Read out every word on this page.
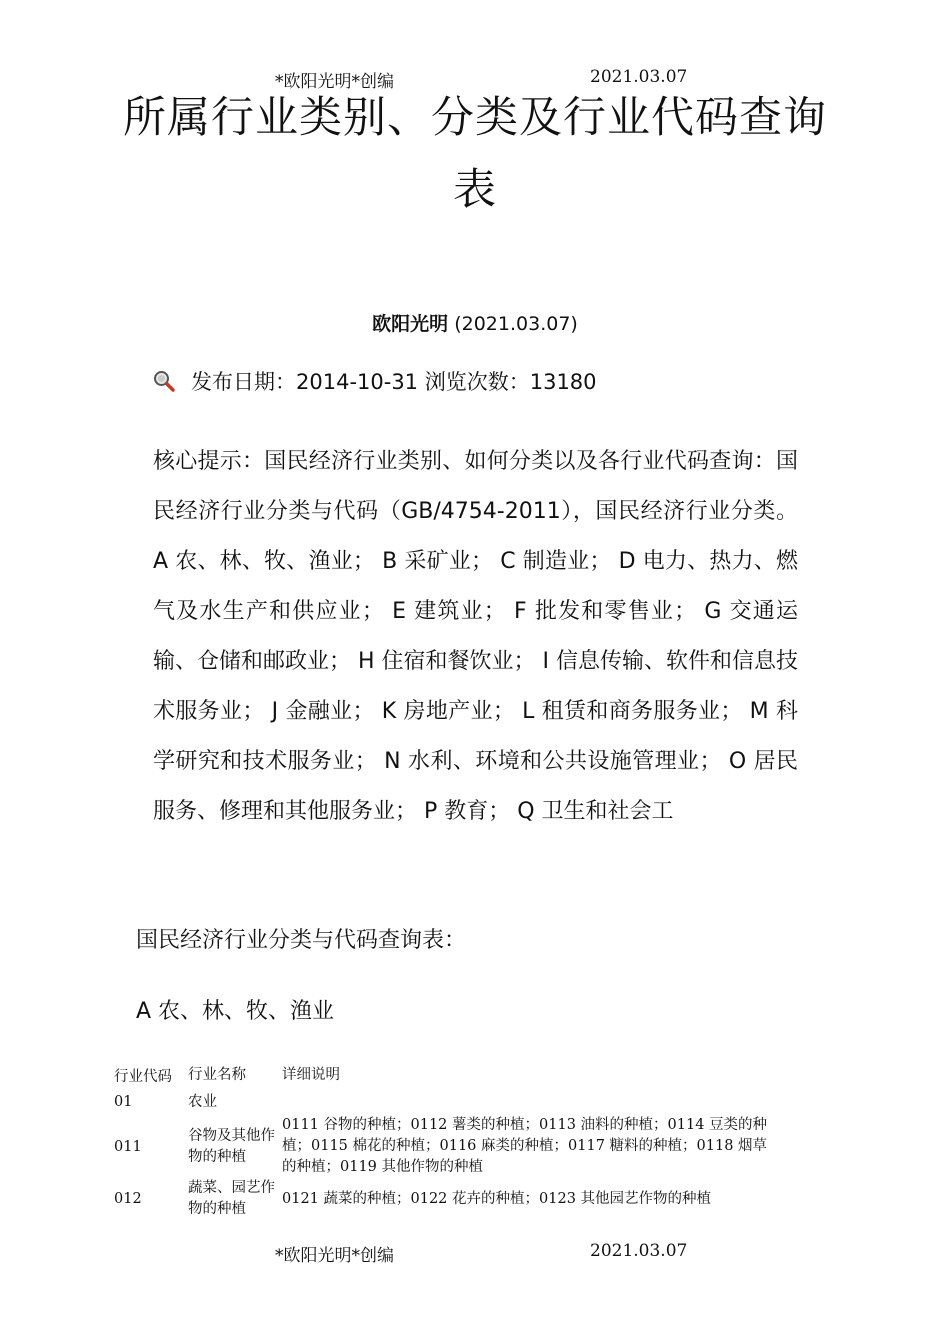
*欧阳光明*创编	2021.03.07
所属行业类别、分类及行业代码查询表
欧阳光明 (2021.03.07)
发布日期：2014-10-31 浏览次数：13180

核心提示：国民经济行业类别、如何分类以及各行业代码查询：国民经济行业分类与代码（GB/4754-2011），国民经济行业分类。 A 农、林、牧、渔业； B 采矿业； C 制造业； D 电力、热力、燃气及水生产和供应业； E 建筑业； F 批发和零售业； G 交通运输、仓储和邮政业； H 住宿和餐饮业； I 信息传输、软件和信息技术服务业； J 金融业； K 房地产业； L 租赁和商务服务业； M 科学研究和技术服务业； N 水利、环境和公共设施管理业； O 居民服务、修理和其他服务业； P 教育； Q 卫生和社会工

国民经济行业分类与代码查询表：
A 农、林、牧、渔业
行业代码	行业名称	详细说明
01	农业	
011	谷物及其他作物的种植	0111 谷物的种植；0112 薯类的种植；0113 油料的种植；0114 豆类的种植；0115 棉花的种植；0116 麻类的种植；0117 糖料的种植；0118 烟草的种植；0119 其他作物的种植
012	蔬菜、园艺作物的种植	0121 蔬菜的种植；0122 花卉的种植；0123 其他园艺作物的种植
*欧阳光明*创编	2021.03.07
